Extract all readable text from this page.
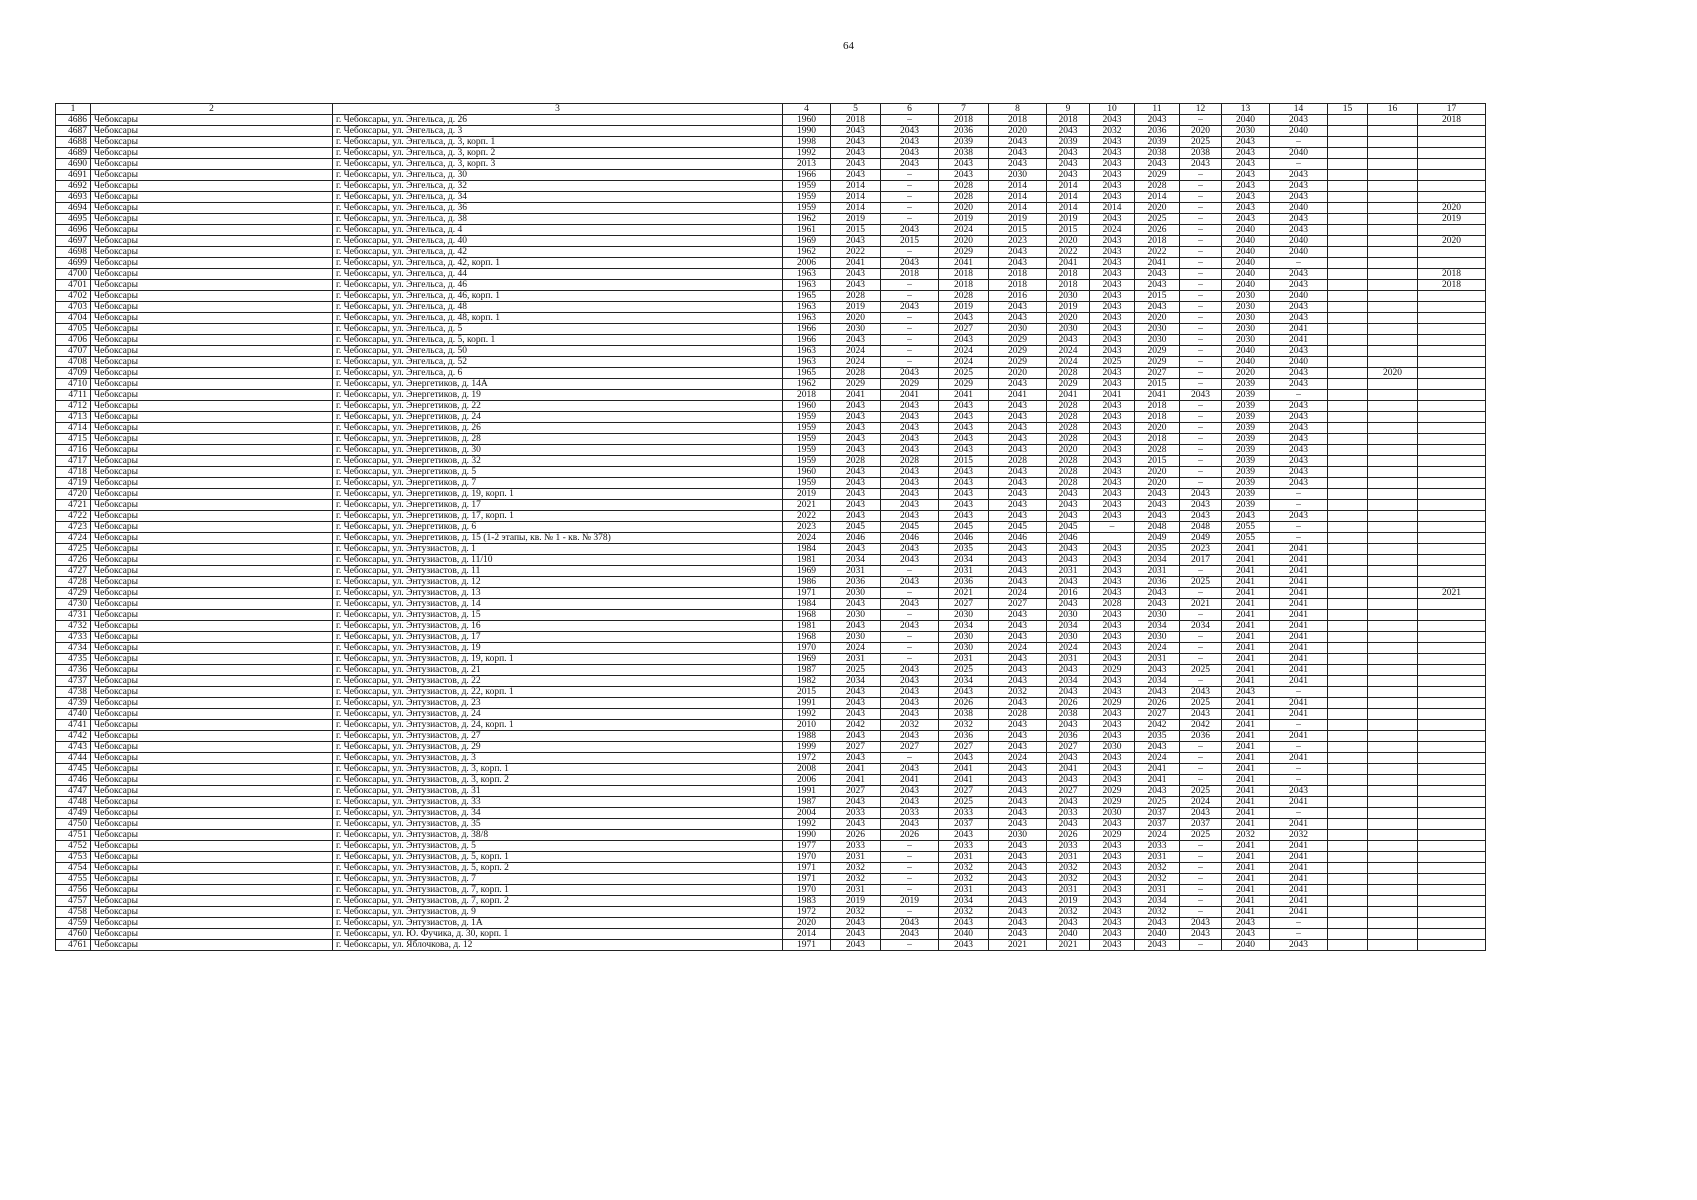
64
1	2	3	4	5	6	7	8	9	10	11	12	13	14	15	16	17
4686	Чебоксары	г. Чебоксары, ул. Энгельса, д. 26	1960	2018	–	2018	2018	2018	2043	2043	–	2040	2043			2018
4687	Чебоксары	г. Чебоксары, ул. Энгельса, д. 3	1990	2043	2043	2036	2020	2043	2032	2036	2020	2030	2040			
4688	Чебоксары	г. Чебоксары, ул. Энгельса, д. 3, корп. 1	1998	2043	2043	2039	2043	2039	2043	2039	2025	2043	–			
4689	Чебоксары	г. Чебоксары, ул. Энгельса, д. 3, корп. 2	1992	2043	2043	2038	2043	2043	2043	2038	2038	2043	2040			
4690	Чебоксары	г. Чебоксары, ул. Энгельса, д. 3, корп. 3	2013	2043	2043	2043	2043	2043	2043	2043	2043	2043	–			
4691	Чебоксары	г. Чебоксары, ул. Энгельса, д. 30	1966	2043	–	2043	2030	2043	2043	2029	–	2043	2043			
4692	Чебоксары	г. Чебоксары, ул. Энгельса, д. 32	1959	2014	–	2028	2014	2014	2043	2028	–	2043	2043			
4693	Чебоксары	г. Чебоксары, ул. Энгельса, д. 34	1959	2014	–	2028	2014	2014	2043	2014	–	2043	2043			
4694	Чебоксары	г. Чебоксары, ул. Энгельса, д. 36	1959	2014	–	2020	2014	2014	2014	2020	–	2043	2040			2020
4695	Чебоксары	г. Чебоксары, ул. Энгельса, д. 38	1962	2019	–	2019	2019	2019	2043	2025	–	2043	2043			2019
4696	Чебоксары	г. Чебоксары, ул. Энгельса, д. 4	1961	2015	2043	2024	2015	2015	2024	2026	–	2040	2043			
4697	Чебоксары	г. Чебоксары, ул. Энгельса, д. 40	1969	2043	2015	2020	2023	2020	2043	2018	–	2040	2040			2020
4698	Чебоксары	г. Чебоксары, ул. Энгельса, д. 42	1962	2022	–	2029	2043	2022	2043	2022	–	2040	2040			
4699	Чебоксары	г. Чебоксары, ул. Энгельса, д. 42, корп. 1	2006	2041	2043	2041	2043	2041	2043	2041	–	2040	–			
4700	Чебоксары	г. Чебоксары, ул. Энгельса, д. 44	1963	2043	2018	2018	2018	2018	2043	2043	–	2040	2043			2018
4701	Чебоксары	г. Чебоксары, ул. Энгельса, д. 46	1963	2043	–	2018	2018	2018	2043	2043	–	2040	2043			2018
4702	Чебоксары	г. Чебоксары, ул. Энгельса, д. 46, корп. 1	1965	2028	–	2028	2016	2030	2043	2015	–	2030	2040			
4703	Чебоксары	г. Чебоксары, ул. Энгельса, д. 48	1963	2019	2043	2019	2043	2019	2043	2043	–	2030	2043			
4704	Чебоксары	г. Чебоксары, ул. Энгельса, д. 48, корп. 1	1963	2020	–	2043	2043	2020	2043	2020	–	2030	2043			
4705	Чебоксары	г. Чебоксары, ул. Энгельса, д. 5	1966	2030	–	2027	2030	2030	2043	2030	–	2030	2041			
4706	Чебоксары	г. Чебоксары, ул. Энгельса, д. 5, корп. 1	1966	2043	–	2043	2029	2043	2043	2030	–	2030	2041			
4707	Чебоксары	г. Чебоксары, ул. Энгельса, д. 50	1963	2024	–	2024	2029	2024	2043	2029	–	2040	2043			
4708	Чебоксары	г. Чебоксары, ул. Энгельса, д. 52	1963	2024	–	2024	2029	2024	2025	2029	–	2040	2040			
4709	Чебоксары	г. Чебоксары, ул. Энгельса, д. 6	1965	2028	2043	2025	2020	2028	2043	2027	–	2020	2043		2020	
4710	Чебоксары	г. Чебоксары, ул. Энергетиков, д. 14А	1962	2029	2029	2029	2043	2029	2043	2015	–	2039	2043			
4711	Чебоксары	г. Чебоксары, ул. Энергетиков, д. 19	2018	2041	2041	2041	2041	2041	2041	2041	2043	2039	–			
4712	Чебоксары	г. Чебоксары, ул. Энергетиков, д. 22	1960	2043	2043	2043	2043	2028	2043	2018	–	2039	2043			
4713	Чебоксары	г. Чебоксары, ул. Энергетиков, д. 24	1959	2043	2043	2043	2043	2028	2043	2018	–	2039	2043			
4714	Чебоксары	г. Чебоксары, ул. Энергетиков, д. 26	1959	2043	2043	2043	2043	2028	2043	2020	–	2039	2043			
4715	Чебоксары	г. Чебоксары, ул. Энергетиков, д. 28	1959	2043	2043	2043	2043	2028	2043	2018	–	2039	2043			
4716	Чебоксары	г. Чебоксары, ул. Энергетиков, д. 30	1959	2043	2043	2043	2043	2020	2043	2028	–	2039	2043			
4717	Чебоксары	г. Чебоксары, ул. Энергетиков, д. 32	1959	2028	2028	2015	2028	2028	2043	2015	–	2039	2043			
4718	Чебоксары	г. Чебоксары, ул. Энергетиков, д. 5	1960	2043	2043	2043	2043	2028	2043	2020	–	2039	2043			
4719	Чебоксары	г. Чебоксары, ул. Энергетиков, д. 7	1959	2043	2043	2043	2043	2028	2043	2020	–	2039	2043			
4720	Чебоксары	г. Чебоксары, ул. Энергетиков, д. 19, корп. 1	2019	2043	2043	2043	2043	2043	2043	2043	2043	2039	–			
4721	Чебоксары	г. Чебоксары, ул. Энергетиков, д. 17	2021	2043	2043	2043	2043	2043	2043	2043	2043	2039	–			
4722	Чебоксары	г. Чебоксары, ул. Энергетиков, д. 17, корп. 1	2022	2043	2043	2043	2043	2043	2043	2043	2043	2043	2043			
4723	Чебоксары	г. Чебоксары, ул. Энергетиков, д. 6	2023	2045	2045	2045	2045	2045	–	2048	2048	2055	–			
4724	Чебоксары	г. Чебоксары, ул. Энергетиков, д. 15 (1-2 этапы, кв. № 1 - кв. № 378)	2024	2046	2046	2046	2046	2046		2049	2049	2055	–			
4725	Чебоксары	г. Чебоксары, ул. Энтузиастов, д. 1	1984	2043	2043	2035	2043	2043	2043	2035	2023	2041	2041			
4726	Чебоксары	г. Чебоксары, ул. Энтузиастов, д. 11/10	1981	2034	2043	2034	2043	2043	2043	2034	2017	2041	2041			
4727	Чебоксары	г. Чебоксары, ул. Энтузиастов, д. 11	1969	2031	–	2031	2043	2031	2043	2031	–	2041	2041			
4728	Чебоксары	г. Чебоксары, ул. Энтузиастов, д. 12	1986	2036	2043	2036	2043	2043	2043	2036	2025	2041	2041			
4729	Чебоксары	г. Чебоксары, ул. Энтузиастов, д. 13	1971	2030	–	2021	2024	2016	2043	2043	–	2041	2041			2021
4730	Чебоксары	г. Чебоксары, ул. Энтузиастов, д. 14	1984	2043	2043	2027	2027	2043	2028	2043	2021	2041	2041			
4731	Чебоксары	г. Чебоксары, ул. Энтузиастов, д. 15	1968	2030	–	2030	2043	2030	2043	2030	–	2041	2041			
4732	Чебоксары	г. Чебоксары, ул. Энтузиастов, д. 16	1981	2043	2043	2034	2043	2034	2043	2034	2034	2041	2041			
4733	Чебоксары	г. Чебоксары, ул. Энтузиастов, д. 17	1968	2030	–	2030	2043	2030	2043	2030	–	2041	2041			
4734	Чебоксары	г. Чебоксары, ул. Энтузиастов, д. 19	1970	2024	–	2030	2024	2024	2043	2024	–	2041	2041			
4735	Чебоксары	г. Чебоксары, ул. Энтузиастов, д. 19, корп. 1	1969	2031	–	2031	2043	2031	2043	2031	–	2041	2041			
4736	Чебоксары	г. Чебоксары, ул. Энтузиастов, д. 21	1987	2025	2043	2025	2043	2043	2029	2043	2025	2041	2041			
4737	Чебоксары	г. Чебоксары, ул. Энтузиастов, д. 22	1982	2034	2043	2034	2043	2034	2043	2034	–	2041	2041			
4738	Чебоксары	г. Чебоксары, ул. Энтузиастов, д. 22, корп. 1	2015	2043	2043	2043	2032	2043	2043	2043	2043	2043	–			
4739	Чебоксары	г. Чебоксары, ул. Энтузиастов, д. 23	1991	2043	2043	2026	2043	2026	2029	2026	2025	2041	2041			
4740	Чебоксары	г. Чебоксары, ул. Энтузиастов, д. 24	1992	2043	2043	2038	2028	2038	2043	2027	2043	2041	2041			
4741	Чебоксары	г. Чебоксары, ул. Энтузиастов, д. 24, корп. 1	2010	2042	2032	2032	2043	2043	2043	2042	2042	2041	–			
4742	Чебоксары	г. Чебоксары, ул. Энтузиастов, д. 27	1988	2043	2043	2036	2043	2036	2043	2035	2036	2041	2041			
4743	Чебоксары	г. Чебоксары, ул. Энтузиастов, д. 29	1999	2027	2027	2027	2043	2027	2030	2043	–	2041	–			
4744	Чебоксары	г. Чебоксары, ул. Энтузиастов, д. 3	1972	2043	–	2043	2024	2043	2043	2024	–	2041	2041			
4745	Чебоксары	г. Чебоксары, ул. Энтузиастов, д. 3, корп. 1	2008	2041	2043	2041	2043	2041	2043	2041	–	2041	–			
4746	Чебоксары	г. Чебоксары, ул. Энтузиастов, д. 3, корп. 2	2006	2041	2041	2041	2043	2043	2043	2041	–	2041	–			
4747	Чебоксары	г. Чебоксары, ул. Энтузиастов, д. 31	1991	2027	2043	2027	2043	2027	2029	2043	2025	2041	2043			
4748	Чебоксары	г. Чебоксары, ул. Энтузиастов, д. 33	1987	2043	2043	2025	2043	2043	2029	2025	2024	2041	2041			
4749	Чебоксары	г. Чебоксары, ул. Энтузиастов, д. 34	2004	2033	2033	2033	2043	2033	2030	2037	2043	2041	–			
4750	Чебоксары	г. Чебоксары, ул. Энтузиастов, д. 35	1992	2043	2043	2037	2043	2043	2043	2037	2037	2041	2041			
4751	Чебоксары	г. Чебоксары, ул. Энтузиастов, д. 38/8	1990	2026	2026	2043	2030	2026	2029	2024	2025	2032	2032			
4752	Чебоксары	г. Чебоксары, ул. Энтузиастов, д. 5	1977	2033	–	2033	2043	2033	2043	2033	–	2041	2041			
4753	Чебоксары	г. Чебоксары, ул. Энтузиастов, д. 5, корп. 1	1970	2031	–	2031	2043	2031	2043	2031	–	2041	2041			
4754	Чебоксары	г. Чебоксары, ул. Энтузиастов, д. 5, корп. 2	1971	2032	–	2032	2043	2032	2043	2032	–	2041	2041			
4755	Чебоксары	г. Чебоксары, ул. Энтузиастов, д. 7	1971	2032	–	2032	2043	2032	2043	2032	–	2041	2041			
4756	Чебоксары	г. Чебоксары, ул. Энтузиастов, д. 7, корп. 1	1970	2031	–	2031	2043	2031	2043	2031	–	2041	2041			
4757	Чебоксары	г. Чебоксары, ул. Энтузиастов, д. 7, корп. 2	1983	2019	2019	2034	2043	2019	2043	2034	–	2041	2041			
4758	Чебоксары	г. Чебоксары, ул. Энтузиастов, д. 9	1972	2032	–	2032	2043	2032	2043	2032	–	2041	2041			
4759	Чебоксары	г. Чебоксары, ул. Энтузиастов, д. 1А	2020	2043	2043	2043	2043	2043	2043	2043	2043	2043	–			
4760	Чебоксары	г. Чебоксары, ул. Ю. Фучика, д. 30, корп. 1	2014	2043	2043	2040	2043	2040	2043	2040	2043	2043	–			
4761	Чебоксары	г. Чебоксары, ул. Яблочкова, д. 12	1971	2043	–	2043	2021	2021	2043	2043	–	2040	2043			
